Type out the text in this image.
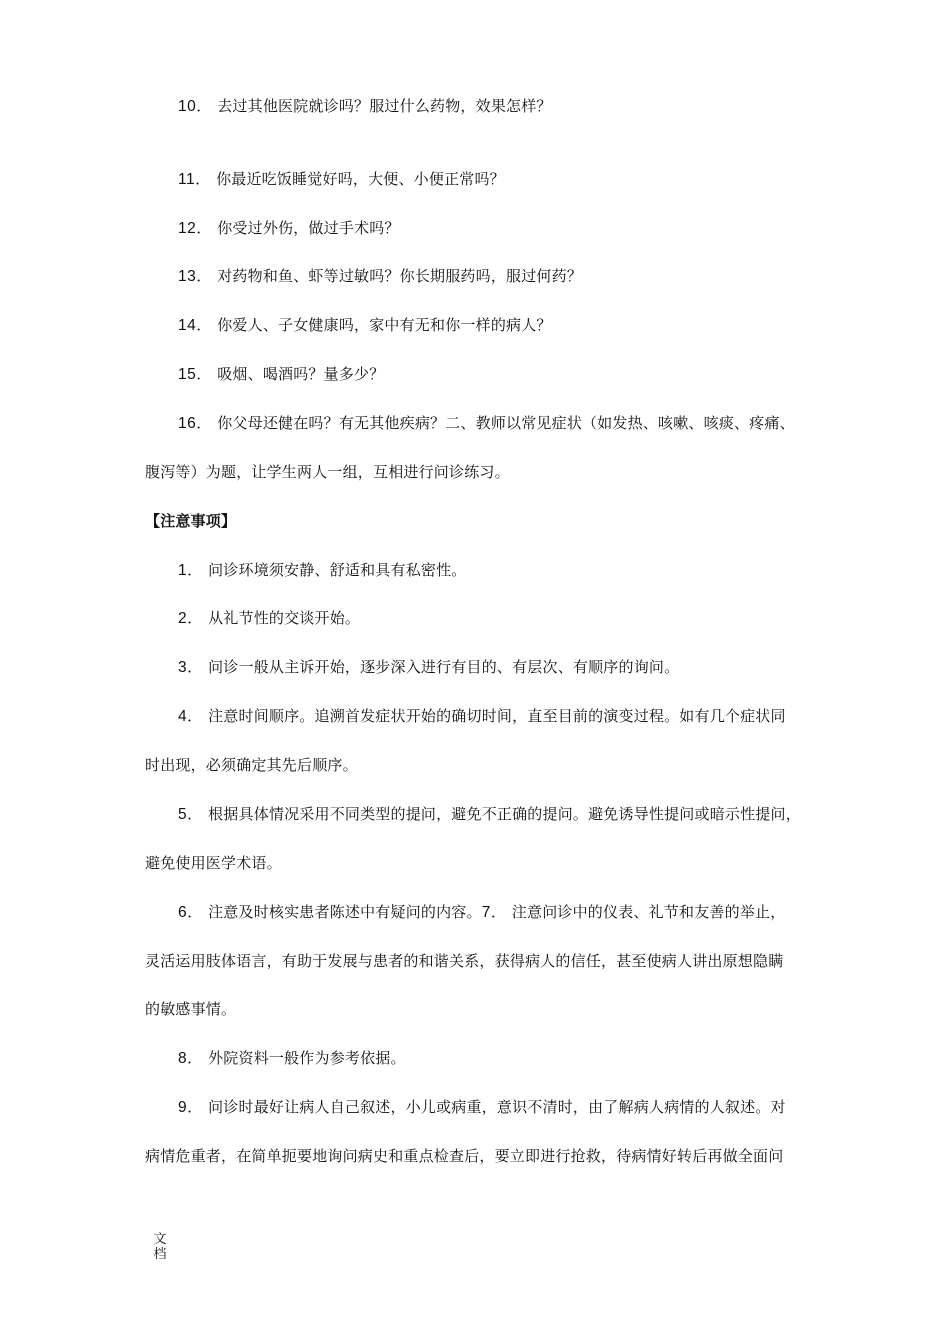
10． 去过其他医院就诊吗？服过什么药物，效果怎样？
11． 你最近吃饭睡觉好吗，大便、小便正常吗？
12． 你受过外伤，做过手术吗？
13． 对药物和鱼、虾等过敏吗？你长期服药吗，服过何药？
14． 你爱人、子女健康吗，家中有无和你一样的病人？
15． 吸烟、喝酒吗？量多少？
16． 你父母还健在吗？有无其他疾病？二、教师以常见症状（如发热、咳嗽、咳痰、疼痛、
腹泻等）为题，让学生两人一组，互相进行问诊练习。
【注意事项】
1． 问诊环境须安静、舒适和具有私密性。
2． 从礼节性的交谈开始。
3． 问诊一般从主诉开始，逐步深入进行有目的、有层次、有顺序的询问。
4． 注意时间顺序。追溯首发症状开始的确切时间，直至目前的演变过程。如有几个症状同
时出现，必须确定其先后顺序。
5． 根据具体情况采用不同类型的提问，避免不正确的提问。避免诱导性提问或暗示性提问，
避免使用医学术语。
6． 注意及时核实患者陈述中有疑问的内容。7． 注意问诊中的仪表、礼节和友善的举止，
灵活运用肢体语言，有助于发展与患者的和谐关系，获得病人的信任，甚至使病人讲出原想隐瞒
的敏感事情。
8． 外院资料一般作为参考依据。
9． 问诊时最好让病人自己叙述，小儿或病重，意识不清时，由了解病人病情的人叙述。对
病情危重者，在简单扼要地询问病史和重点检查后，要立即进行抢救，待病情好转后再做全面问
文
档
